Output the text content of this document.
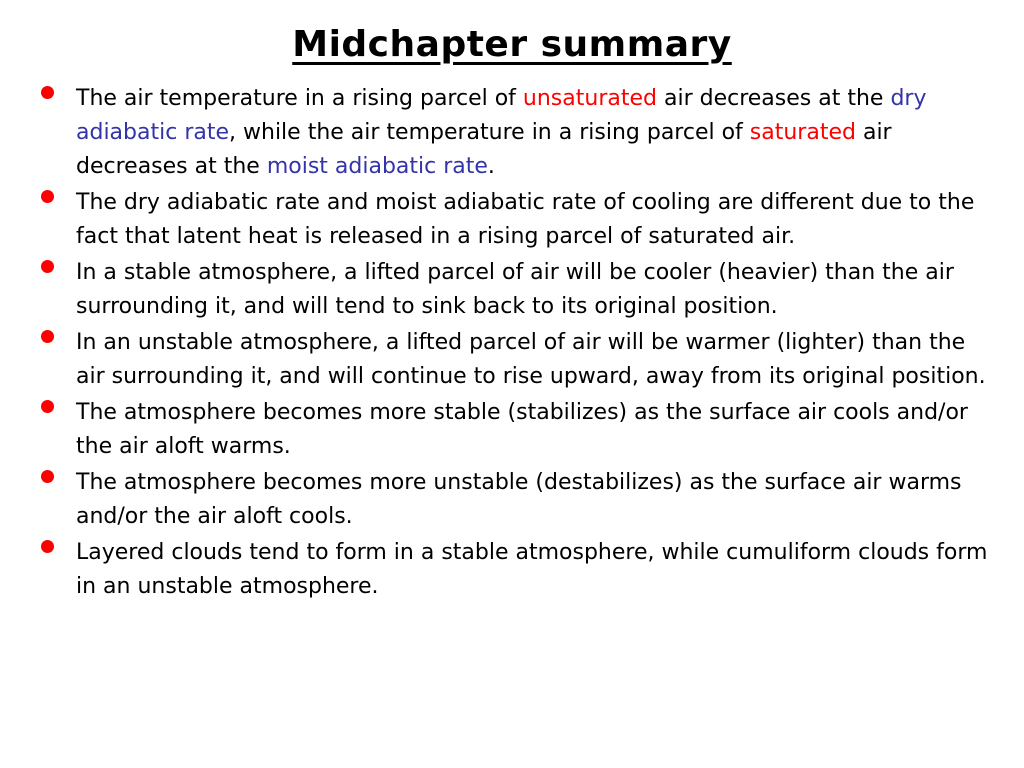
Midchapter summary
The air temperature in a rising parcel of unsaturated air decreases at the dry adiabatic rate, while the air temperature in a rising parcel of saturated air decreases at the moist adiabatic rate.
The dry adiabatic rate and moist adiabatic rate of cooling are different due to the fact that latent heat is released in a rising parcel of saturated air.
In a stable atmosphere, a lifted parcel of air will be cooler (heavier) than the air surrounding it, and will tend to sink back to its original position.
In an unstable atmosphere, a lifted parcel of air will be warmer (lighter) than the air surrounding it, and will continue to rise upward, away from its original position.
The atmosphere becomes more stable (stabilizes) as the surface air cools and/or the air aloft warms.
The atmosphere becomes more unstable (destabilizes) as the surface air warms and/or the air aloft cools.
Layered clouds tend to form in a stable atmosphere, while cumuliform clouds form in an unstable atmosphere.
